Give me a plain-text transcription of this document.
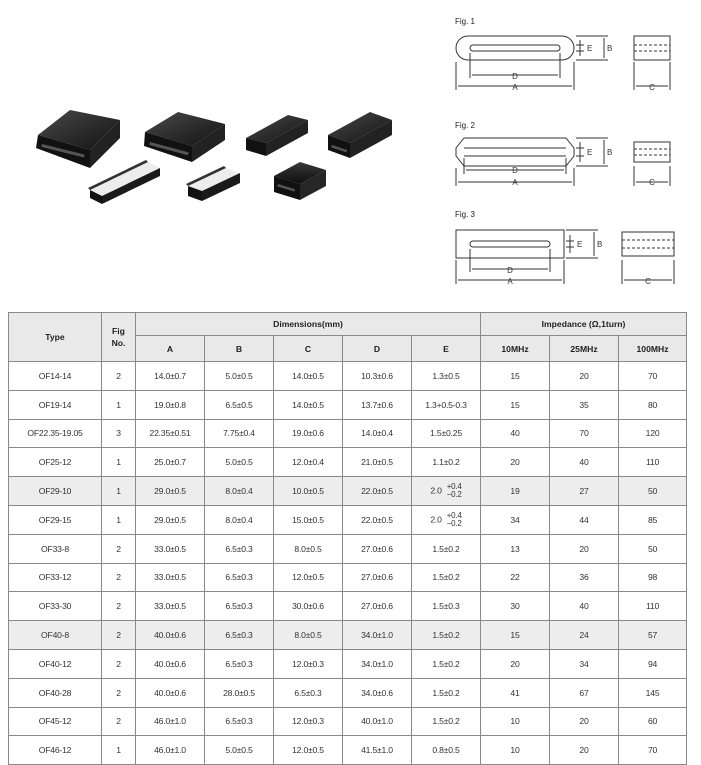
Fig. 1
Fig. 2
Fig. 3
D
A
E B
C
D
A
E B
C
D
A
E B
C
Type	Fig No.	Dimensions(mm)					Impedance (Ω,1turn)		
		A	B	C	D	E	10MHz	25MHz	100MHz
OF14-14	2	14.0±0.7	5.0±0.5	14.0±0.5	10.3±0.6	1.3±0.5	15	20	70
OF19-14	1	19.0±0.8	6.5±0.5	14.0±0.5	13.7±0.6	1.3+0.5-0.3	15	35	80
OF22.35-19.05	3	22.35±0.51	7.75±0.4	19.0±0.6	14.0±0.4	1.5±0.25	40	70	120
OF25-12	1	25.0±0.7	5.0±0.5	12.0±0.4	21.0±0.5	1.1±0.2	20	40	110
OF29-10	1	29.0±0.5	8.0±0.4	10.0±0.5	22.0±0.5	2.0 +0.4
−0.2	19	27	50
OF29-15	1	29.0±0.5	8.0±0.4	15.0±0.5	22.0±0.5	2.0 +0.4
−0.2	34	44	85
OF33-8	2	33.0±0.5	6.5±0.3	8.0±0.5	27.0±0.6	1.5±0.2	13	20	50
OF33-12	2	33.0±0.5	6.5±0.3	12.0±0.5	27.0±0.6	1.5±0.2	22	36	98
OF33-30	2	33.0±0.5	6.5±0.3	30.0±0.6	27.0±0.6	1.5±0.3	30	40	110
OF40-8	2	40.0±0.6	6.5±0.3	8.0±0.5	34.0±1.0	1.5±0.2	15	24	57
OF40-12	2	40.0±0.6	6.5±0.3	12.0±0.3	34.0±1.0	1.5±0.2	20	34	94
OF40-28	2	40.0±0.6	28.0±0.5	6.5±0.3	34.0±0.6	1.5±0.2	41	67	145
OF45-12	2	46.0±1.0	6.5±0.3	12.0±0.3	40.0±1.0	1.5±0.2	10	20	60
OF46-12	1	46.0±1.0	5.0±0.5	12.0±0.5	41.5±1.0	0.8±0.5	10	20	70
